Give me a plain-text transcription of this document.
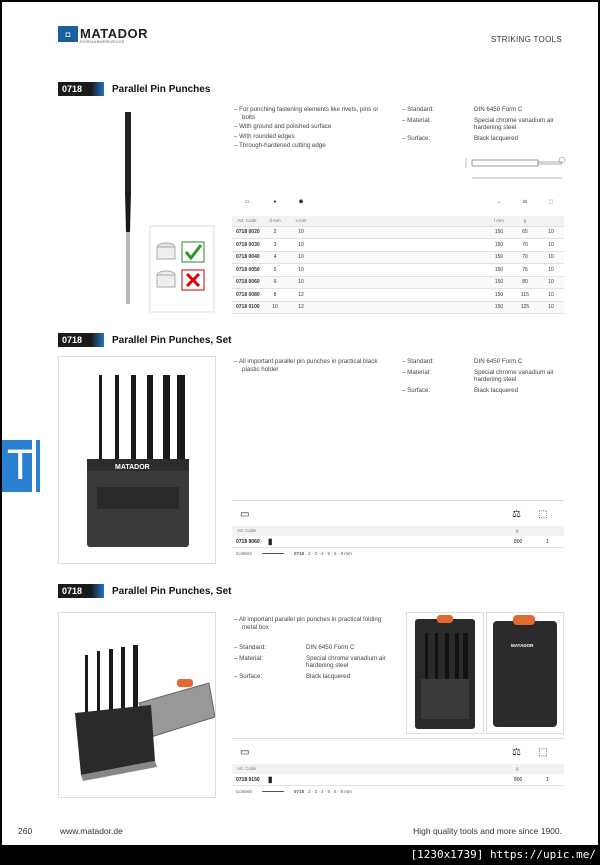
◘ MATADOR
SCHRAUBWERKZEUGE	STRIKING TOOLS
0718	Parallel Pin Punches
– For punching fastening elements like rivets, pins or bolts
– With ground and polished surface
– With rounded edges
– Through-hardened cutting edge
– Standard:	DIN 6450 Form C
– Material:	Special chrome vanadium air hardening steel
– Surface:	Black lacquered
▭	●	⬣		↔	⚖	⬚
Art. Code	d mm	s mm		l mm	g	
0718 0020	2	10		150	65	10
0718 0030	3	10		150	70	10
0718 0040	4	10		150	70	10
0718 0050	5	10		150	75	10
0718 0060	6	10		150	80	10
0718 0080	8	12		150	115	10
0718 0100	10	12		150	125	10
0718	Parallel Pin Punches, Set
MATADOR
– All important parallel pin punches in practical black plastic holder
– Standard:	DIN 6450 Form C
– Material:	Special chrome vanadium air hardening steel
– Surface:	Black lacquered
▭	⚖ ⬚
Art. Code	g
0718 9060 ▮	800	1
Content	0718 2 · 3 · 4 · 5 · 6 · 8 mm
T
0718	Parallel Pin Punches, Set
– All important parallel pin punches in practical folding metal box
– Standard:	DIN 6450 Form C
– Material:	Special chrome vanadium air hardening steel
– Surface:	Black lacquered
MATADOR
▭	⚖ ⬚
Art. Code	g
0718 9150 ▮	800	1
Content	0718 2 · 3 · 4 · 5 · 6 · 8 mm
260	www.matador.de	High quality tools and more since 1900.
[1230x1739] https://upic.me/
